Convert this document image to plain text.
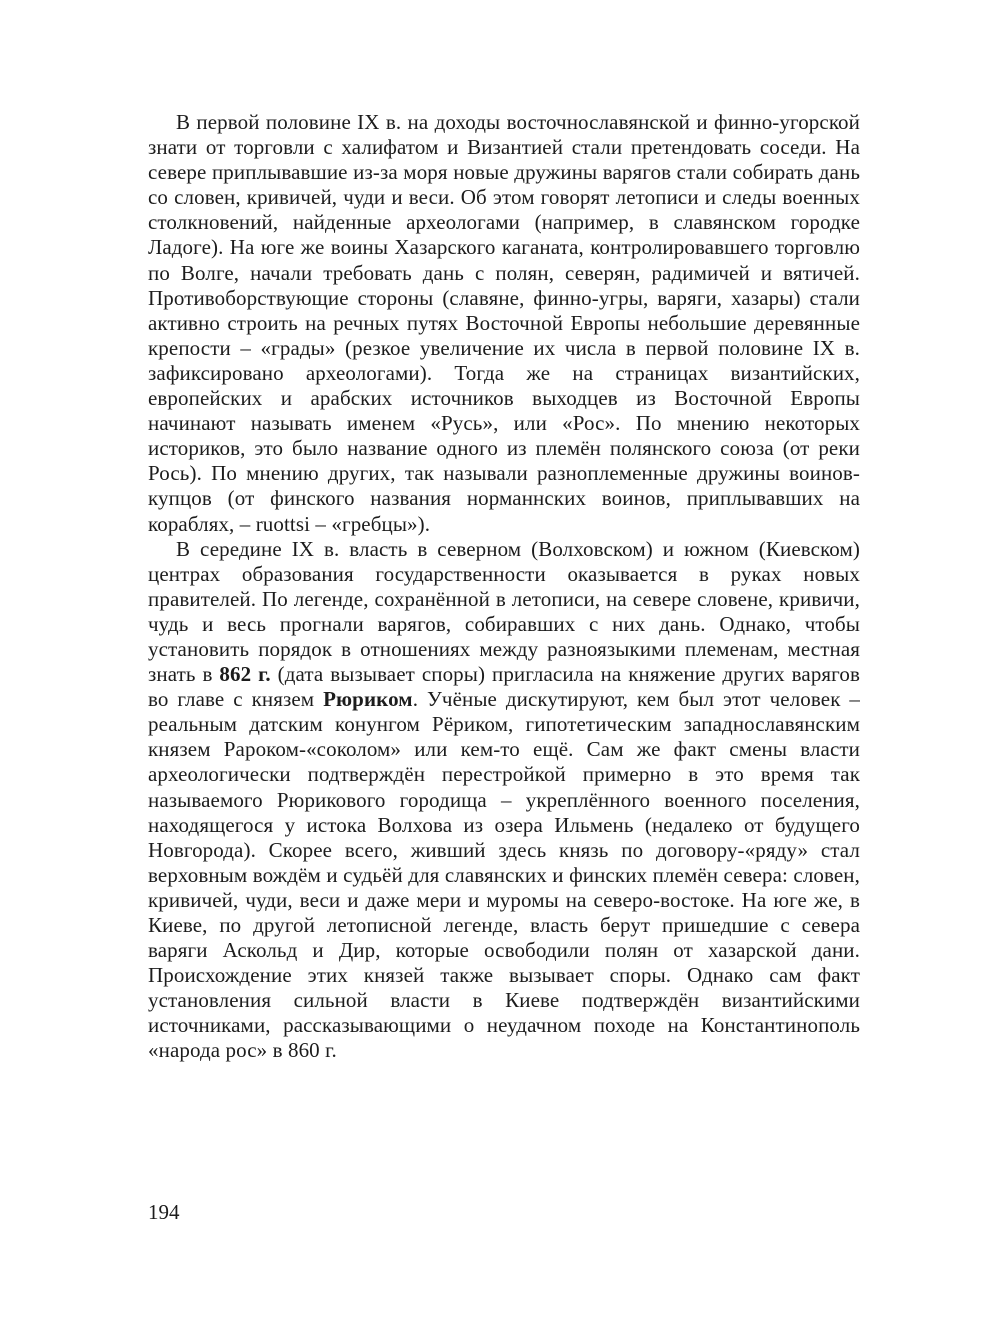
В первой половине IX в. на доходы восточнославянской и финно-угорской знати от торговли с халифатом и Византией стали претендовать соседи. На севере приплывавшие из-за моря новые дружины варягов стали собирать дань со словен, кривичей, чуди и веси. Об этом говорят летописи и следы военных столкновений, найденные археологами (например, в славянском городке Ладоге). На юге же воины Хазарского каганата, контролировавшего торговлю по Волге, начали требовать дань с полян, северян, радимичей и вятичей. Противоборствующие стороны (славяне, финно-угры, варяги, хазары) стали активно строить на речных путях Восточной Европы небольшие деревянные крепости – «грады» (резкое увеличение их числа в первой половине IX в. зафиксировано археологами). Тогда же на страницах византийских, европейских и арабских источников выходцев из Восточной Европы начинают называть именем «Русь», или «Рос». По мнению некоторых историков, это было название одного из племён полянского союза (от реки Рось). По мнению других, так называли разноплеменные дружины воинов-купцов (от финского названия норманнских воинов, приплывавших на кораблях, – ruottsi – «гребцы»).

В середине IX в. власть в северном (Волховском) и южном (Киевском) центрах образования государственности оказывается в руках новых правителей. По легенде, сохранённой в летописи, на севере словене, кривичи, чудь и весь прогнали варягов, собиравших с них дань. Однако, чтобы установить порядок в отношениях между разноязыкими племенам, местная знать в 862 г. (дата вызывает споры) пригласила на княжение других варягов во главе с князем Рюриком. Учёные дискутируют, кем был этот человек – реальным датским конунгом Рёриком, гипотетическим западнославянским князем Рароком-«соколом» или кем-то ещё. Сам же факт смены власти археологически подтверждён перестройкой примерно в это время так называемого Рюрикового городища – укреплённого военного поселения, находящегося у истока Волхова из озера Ильмень (недалеко от будущего Новгорода). Скорее всего, живший здесь князь по договору-«ряду» стал верховным вождём и судьёй для славянских и финских племён севера: словен, кривичей, чуди, веси и даже мери и муромы на северо-востоке. На юге же, в Киеве, по другой летописной легенде, власть берут пришедшие с севера варяги Аскольд и Дир, которые освободили полян от хазарской дани. Происхождение этих князей также вызывает споры. Однако сам факт установления сильной власти в Киеве подтверждён византийскими источниками, рассказывающими о неудачном походе на Константинополь «народа рос» в 860 г.

194
